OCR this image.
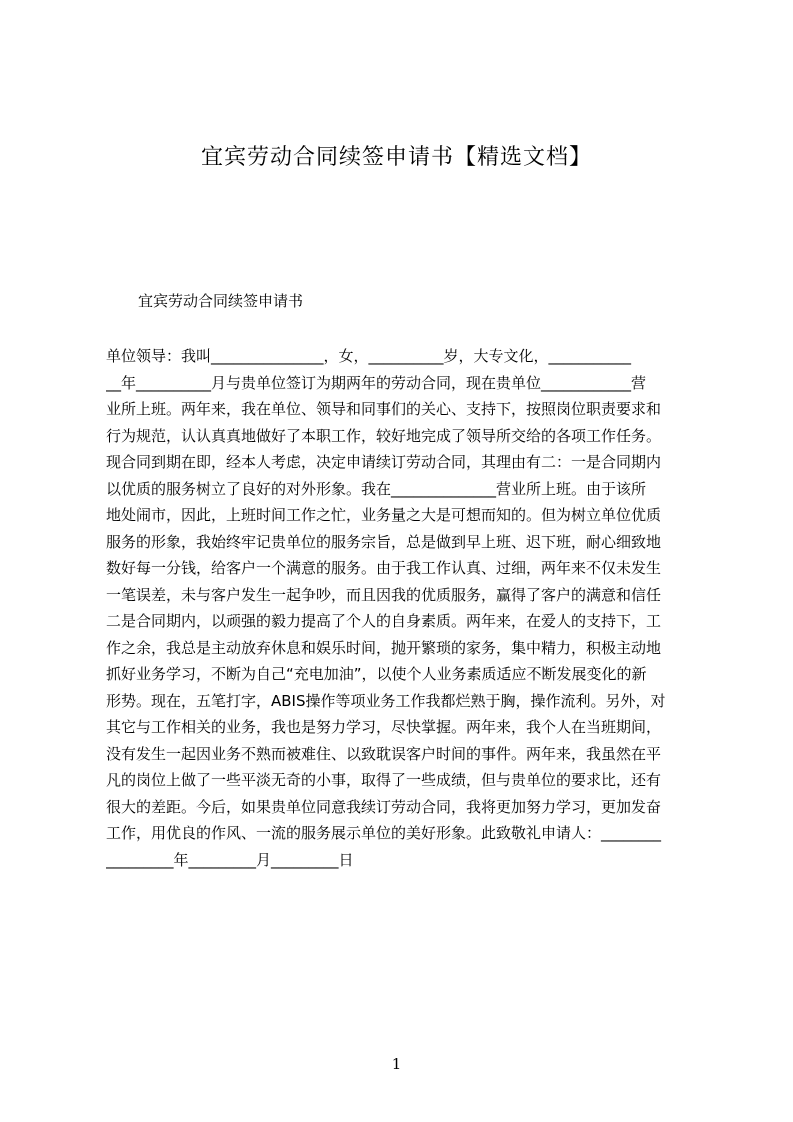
宜宾劳动合同续签申请书【精选文档】
宜宾劳动合同续签申请书
单位领导：我叫_______________，女，__________岁，大专文化，___________
__年__________月与贵单位签订为期两年的劳动合同，现在贵单位____________营
业所上班。两年来，我在单位、领导和同事们的关心、支持下，按照岗位职责要求和
行为规范，认认真真地做好了本职工作，较好地完成了领导所交给的各项工作任务。
现合同到期在即，经本人考虑，决定申请续订劳动合同，其理由有二：一是合同期内
以优质的服务树立了良好的对外形象。我在______________营业所上班。由于该所
地处闹市，因此，上班时间工作之忙，业务量之大是可想而知的。但为树立单位优质
服务的形象，我始终牢记贵单位的服务宗旨，总是做到早上班、迟下班，耐心细致地
数好每一分钱，给客户一个满意的服务。由于我工作认真、过细，两年来不仅未发生
一笔误差，未与客户发生一起争吵，而且因我的优质服务，赢得了客户的满意和信任
二是合同期内，以顽强的毅力提高了个人的自身素质。两年来，在爱人的支持下，工
作之余，我总是主动放弃休息和娱乐时间，抛开繁琐的家务，集中精力，积极主动地
抓好业务学习，不断为自己“充电加油”，以使个人业务素质适应不断发展变化的新
形势。现在，五笔打字，ABIS操作等项业务工作我都烂熟于胸，操作流利。另外，对
其它与工作相关的业务，我也是努力学习，尽快掌握。两年来，我个人在当班期间，
没有发生一起因业务不熟而被难住、以致耽误客户时间的事件。两年来，我虽然在平
凡的岗位上做了一些平淡无奇的小事，取得了一些成绩，但与贵单位的要求比，还有
很大的差距。今后，如果贵单位同意我续订劳动合同，我将更加努力学习，更加发奋
工作，用优良的作风、一流的服务展示单位的美好形象。此致敬礼申请人：________
_________年_________月_________日
1
